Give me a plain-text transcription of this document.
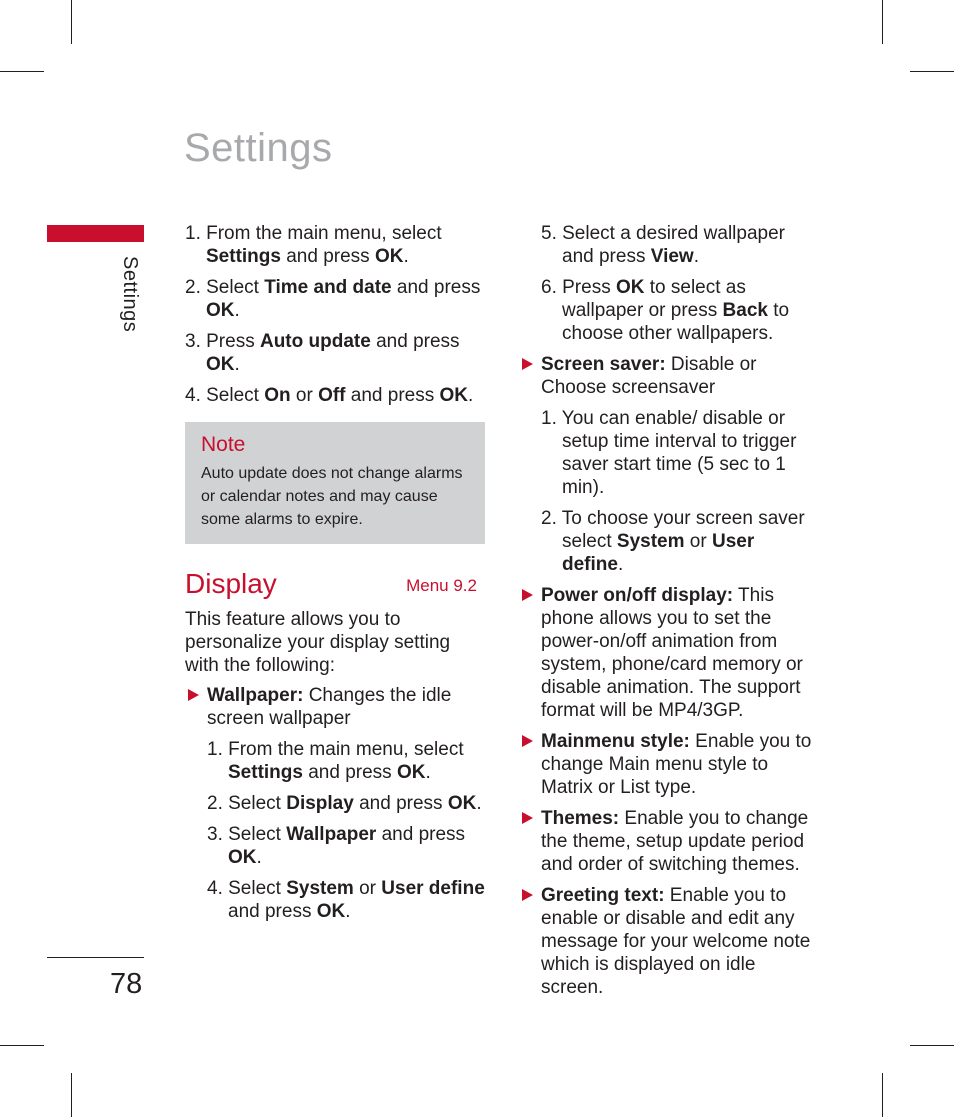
Settings
Settings
78

1. From the main menu, select Settings and press OK.

2. Select Time and date and press OK.

3. Press Auto update and press OK.

4. Select On or Off and press OK.

Note
Auto update does not change alarms or calendar notes and may cause some alarms to expire.
Display	Menu 9.2

This feature allows you to personalize your display setting with the following:

Wallpaper: Changes the idle screen wallpaper

1. From the main menu, select Settings and press OK.

2. Select Display and press OK.

3. Select Wallpaper and press OK.

4. Select System or User define and press OK.

5. Select a desired wallpaper and press View.

6. Press OK to select as wallpaper or press Back to choose other wallpapers.

Screen saver: Disable or Choose screensaver

1. You can enable/ disable or setup time interval to trigger saver start time (5 sec to 1 min).

2. To choose your screen saver select System or User define.

Power on/off display: This phone allows you to set the power-on/off animation from system, phone/card memory or disable animation. The support format will be MP4/3GP.
Mainmenu style: Enable you to change Main menu style to Matrix or List type.
Themes: Enable you to change the theme, setup update period and order of switching themes.
Greeting text: Enable you to enable or disable and edit any message for your welcome note which is displayed on idle screen.
